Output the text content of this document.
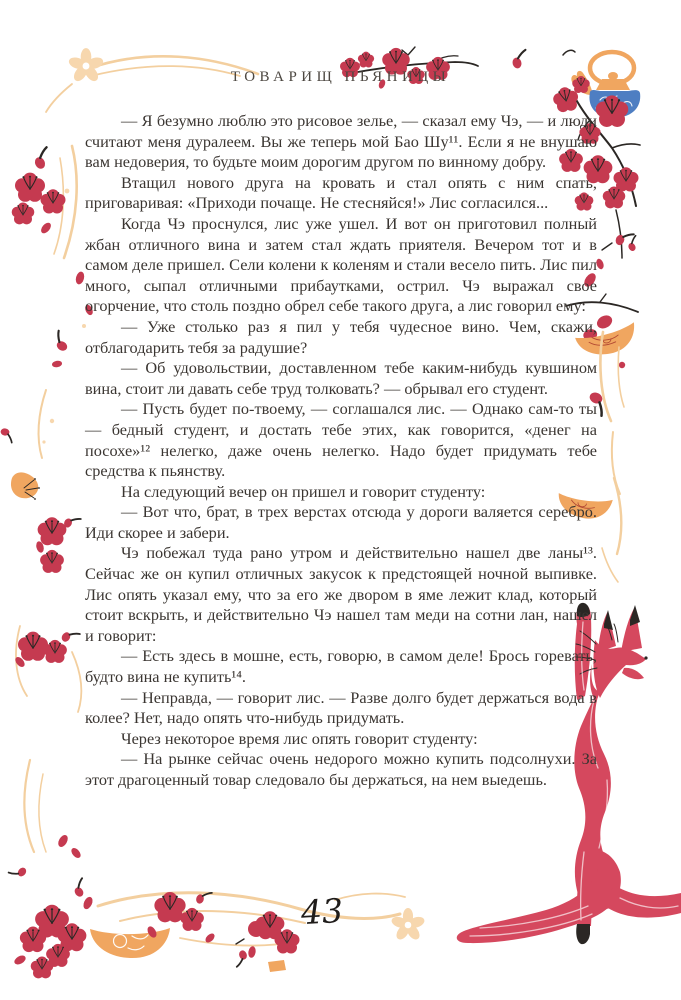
ТОВАРИЩ ПЬЯНИЦЫ

— Я безумно люблю это рисовое зелье, — сказал ему Чэ, — и люди считают меня дуралеем. Вы же теперь мой Бао Шу¹¹. Если я не внушаю вам недоверия, то будьте моим дорогим другом по винному добру.

Втащил нового друга на кровать и стал опять с ним спать, приговаривая: «Приходи почаще. Не стесняйся!» Лис согласился...

Когда Чэ проснулся, лис уже ушел. И вот он приготовил полный жбан отличного вина и затем стал ждать приятеля. Вечером тот и в самом деле пришел. Сели колени к коленям и стали весело пить. Лис пил много, сыпал отличными прибаутками, острил. Чэ выражал свое огорчение, что столь поздно обрел себе такого друга, а лис говорил ему:

— Уже столько раз я пил у тебя чудесное вино. Чем, скажи, отблагодарить тебя за радушие?

— Об удовольствии, доставленном тебе каким-нибудь кувшином вина, стоит ли давать себе труд толковать? — обрывал его студент.

— Пусть будет по-твоему, — соглашался лис. — Однако сам-то ты — бедный студент, и достать тебе этих, как говорится, «денег на посохе»¹² нелегко, даже очень нелегко. Надо будет придумать тебе средства к пьянству.

На следующий вечер он пришел и говорит студенту:

— Вот что, брат, в трех верстах отсюда у дороги валяется серебро. Иди скорее и забери.

Чэ побежал туда рано утром и действительно нашел две ланы¹³. Сейчас же он купил отличных закусок к предстоящей ночной выпивке. Лис опять указал ему, что за его же двором в яме лежит клад, который стоит вскрыть, и действительно Чэ нашел там меди на сотни лан, нашел и говорит:

— Есть здесь в мошне, есть, говорю, в самом деле! Брось горевать, будто вина не купить¹⁴.

— Неправда, — говорит лис. — Разве долго будет держаться вода в колее? Нет, надо опять что-нибудь придумать.

Через некоторое время лис опять говорит студенту:

— На рынке сейчас очень недорого можно купить подсолнухи. За этот драгоценный товар следовало бы держаться, на нем выедешь.

43
